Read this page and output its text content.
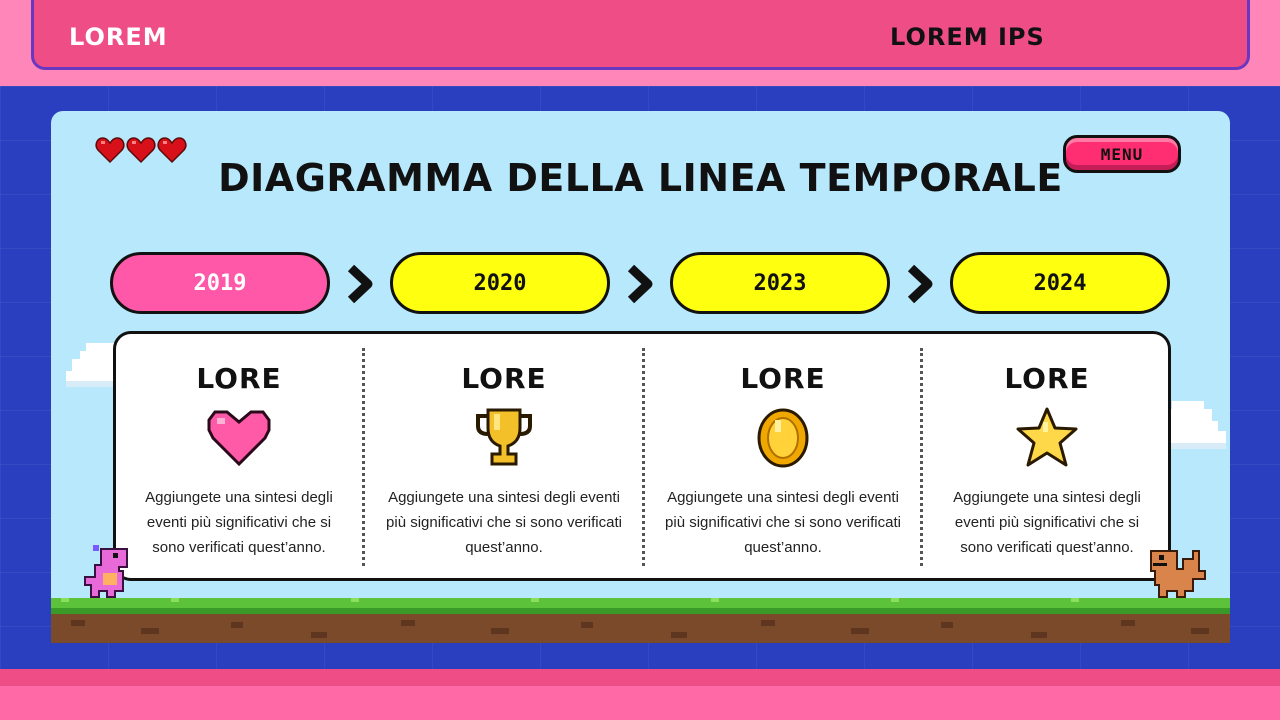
LOREM	LOREM IPS
MENU
DIAGRAMMA DELLA LINEA TEMPORALE
2019	2020	2023	2024
LORE
Aggiungete una sintesi degli eventi più significativi che si sono verificati quest’anno.
LORE
Aggiungete una sintesi degli eventi più significativi che si sono verificati quest’anno.
LORE
Aggiungete una sintesi degli eventi più significativi che si sono verificati quest’anno.
LORE
Aggiungete una sintesi degli eventi più significativi che si sono verificati quest’anno.
